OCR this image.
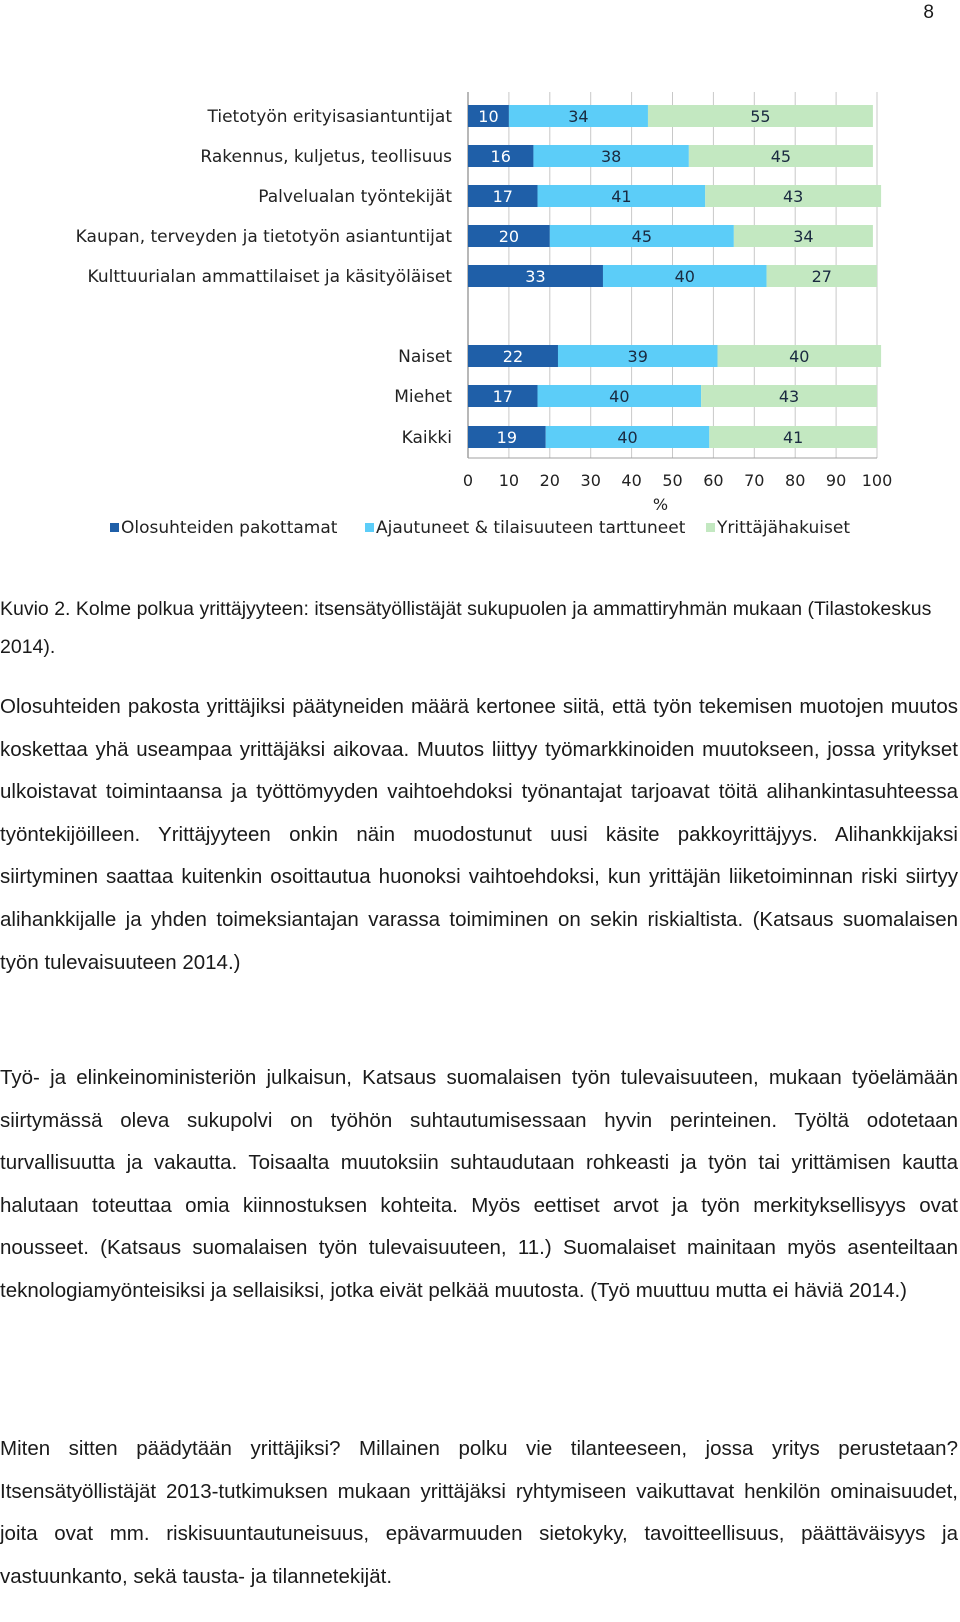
8
Tietotyön erityisasiantuntijat 10	34	55
Rakennus, kuljetus, teollisuus 16	38	45
Palvelualan työntekijät	17	41	43
Kaupan, terveyden ja tietotyön asiantuntijat	20	45	34
Kulttuurialan ammattilaiset ja käsityöläiset	33	40	27
Naiset	22	39	40
Miehet	17	40	43
Kaikki	19	40	41
0 10 20 30 40 50 60 70 80 90 100
%
Olosuhteiden pakottamat Ajautuneet & tilaisuuteen tarttuneet Yrittäjähakuiset
Kuvio 2. Kolme polkua yrittäjyyteen: itsensätyöllistäjät sukupuolen ja ammattiryhmän mukaan (Tilastokeskus 2014).

Olosuhteiden pakosta yrittäjiksi päätyneiden määrä kertonee siitä, että työn tekemisen muotojen muutos koskettaa yhä useampaa yrittäjäksi aikovaa. Muutos liittyy työmarkkinoiden muutokseen, jossa yritykset ulkoistavat toimintaansa ja työttömyyden vaihtoehdoksi työnantajat tarjoavat töitä alihankintasuhteessa työntekijöilleen. Yrittäjyyteen onkin näin muodostunut uusi käsite pakkoyrittäjyys. Alihankkijaksi siirtyminen saattaa kuitenkin osoittautua huonoksi vaihtoehdoksi, kun yrittäjän liiketoiminnan riski siirtyy alihankkijalle ja yhden toimeksiantajan varassa toimiminen on sekin riskialtista. (Katsaus suomalaisen työn tulevaisuuteen 2014.)

Työ- ja elinkeinoministeriön julkaisun, Katsaus suomalaisen työn tulevaisuuteen, mukaan työelämään siirtymässä oleva sukupolvi on työhön suhtautumisessaan hyvin perinteinen. Työltä odotetaan turvallisuutta ja vakautta. Toisaalta muutoksiin suhtaudutaan rohkeasti ja työn tai yrittämisen kautta halutaan toteuttaa omia kiinnostuksen kohteita. Myös eettiset arvot ja työn merkityksellisyys ovat nousseet. (Katsaus suomalaisen työn tulevaisuuteen, 11.) Suomalaiset mainitaan myös asenteiltaan teknologiamyönteisiksi ja sellaisiksi, jotka eivät pelkää muutosta. (Työ muuttuu mutta ei häviä 2014.)

Miten sitten päädytään yrittäjiksi? Millainen polku vie tilanteeseen, jossa yritys perustetaan? Itsensätyöllistäjät 2013-tutkimuksen mukaan yrittäjäksi ryhtymiseen vaikuttavat henkilön ominaisuudet, joita ovat mm. riskisuuntautuneisuus, epävarmuuden sietokyky, tavoitteellisuus, päättäväisyys ja vastuunkanto, sekä tausta- ja tilannetekijät.
